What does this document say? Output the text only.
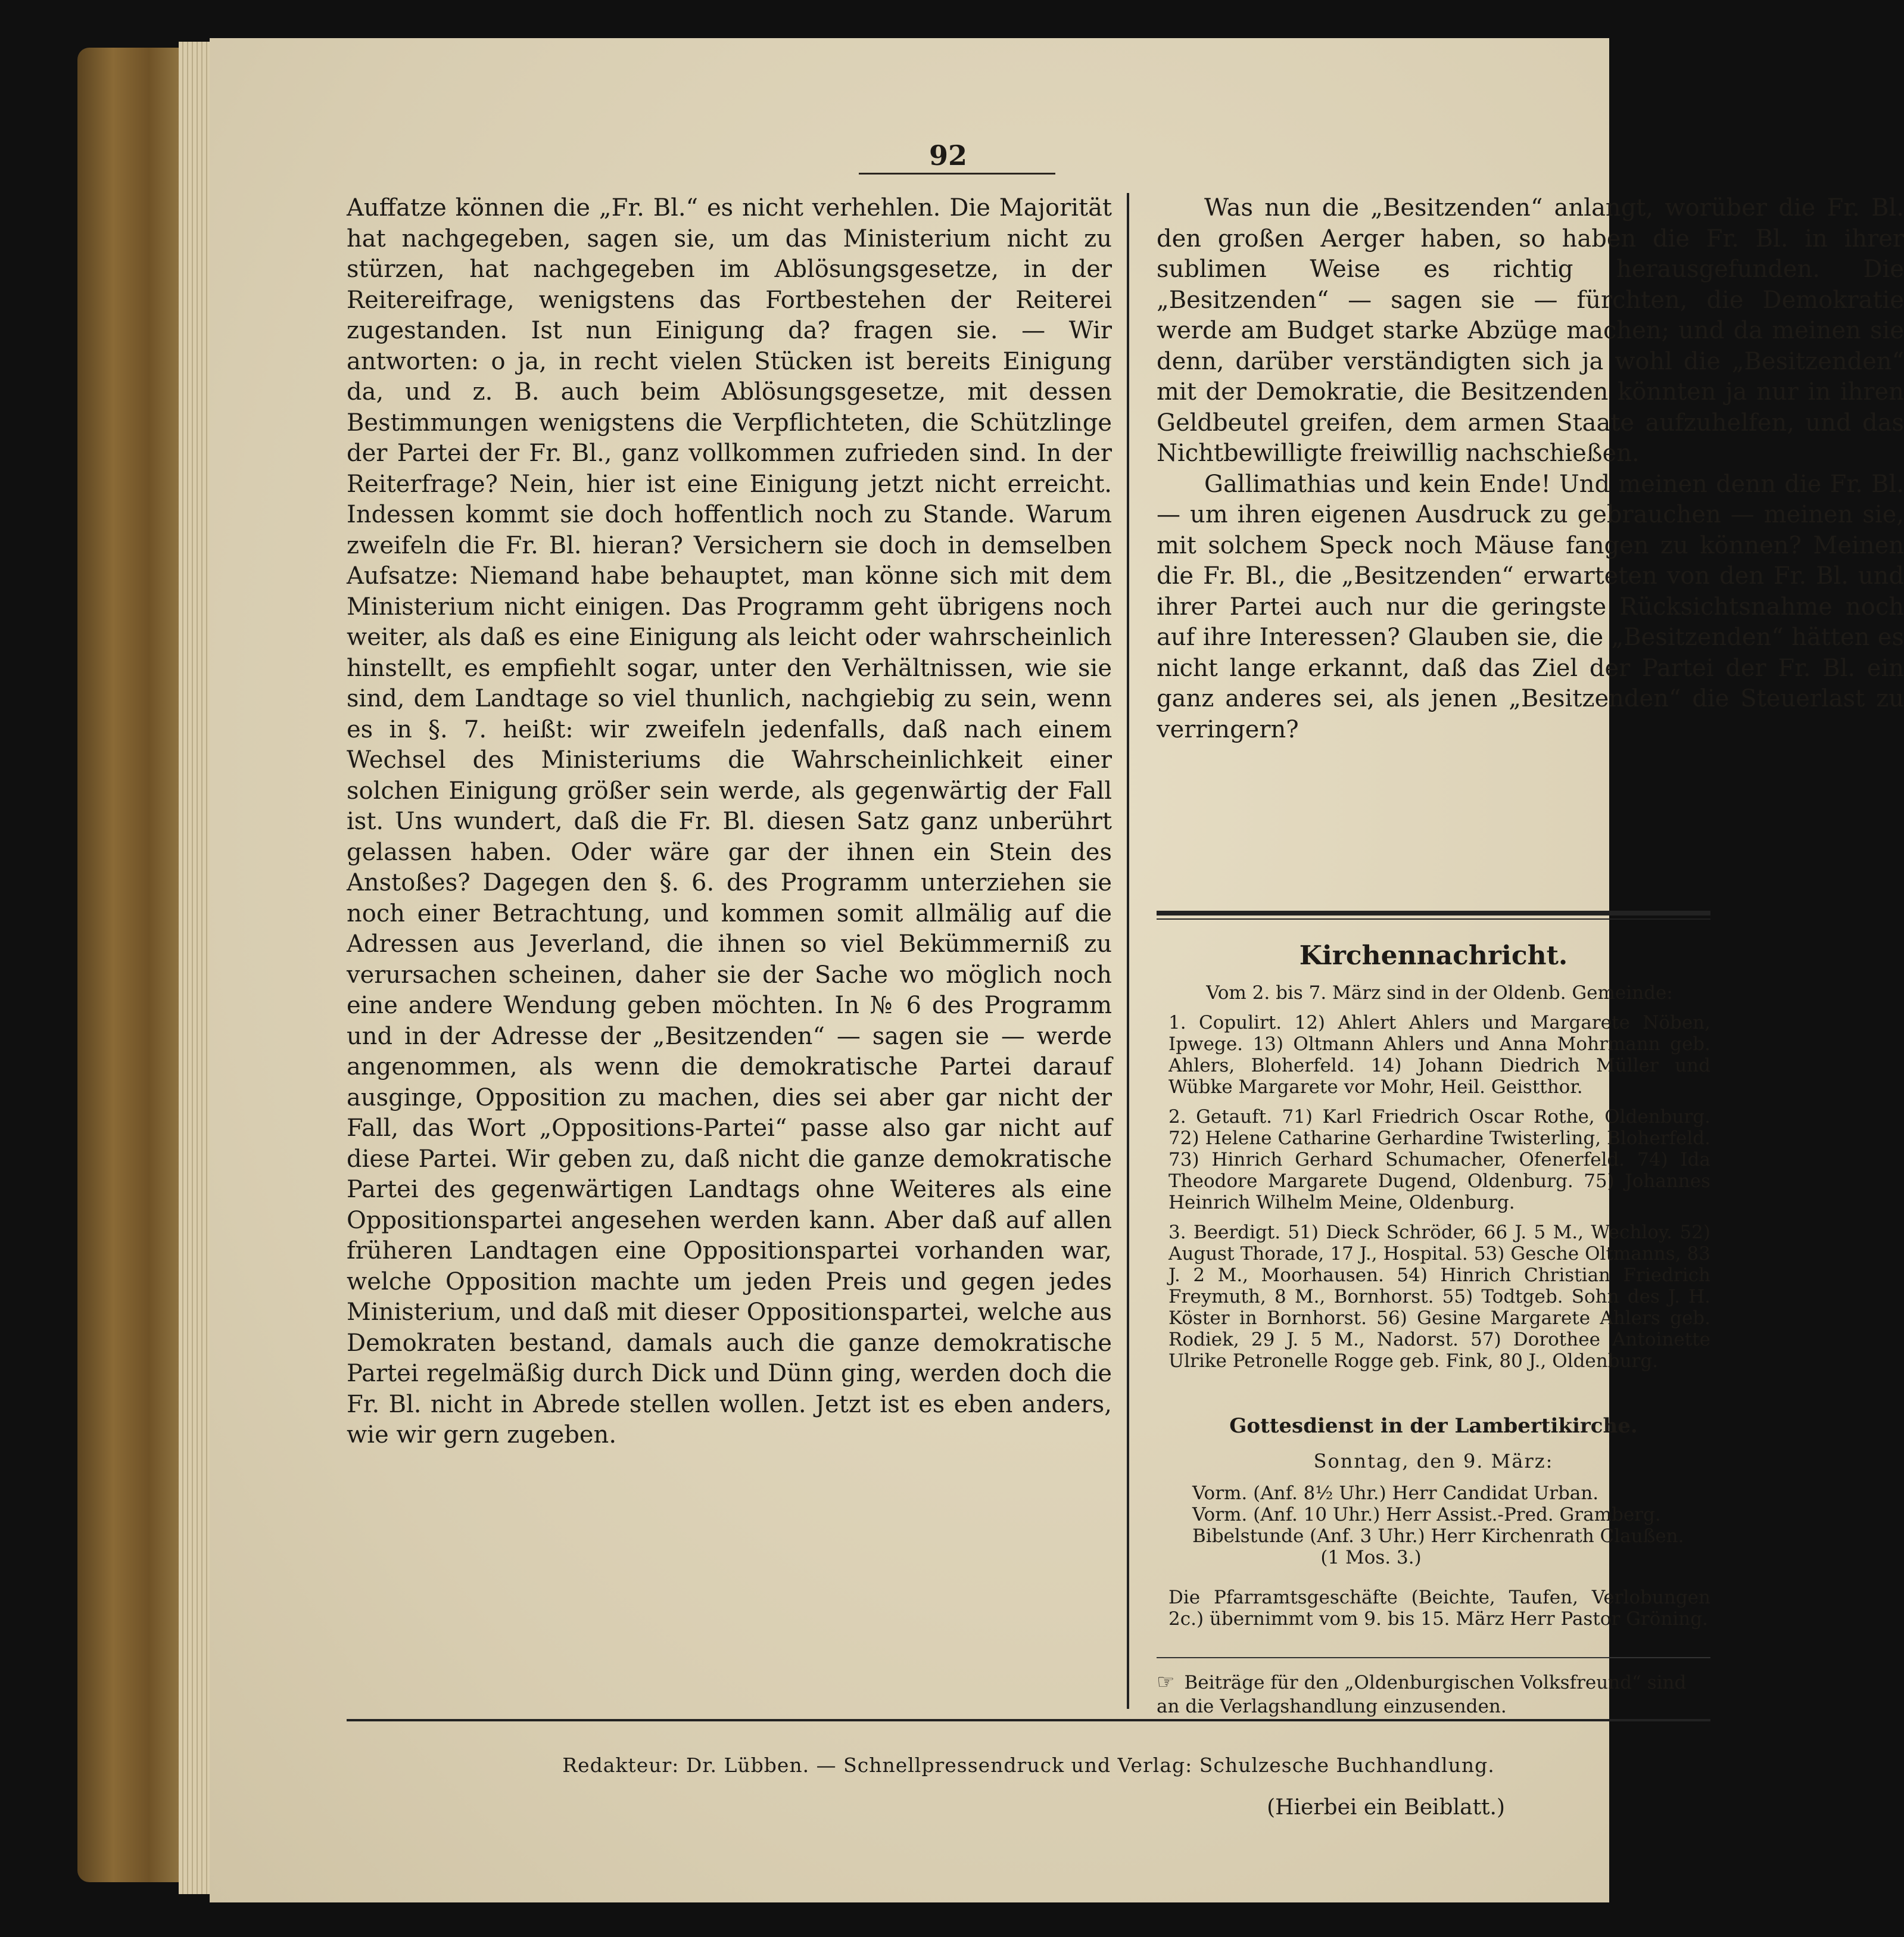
92

Auffatze können die „Fr. Bl.“ es nicht verhehlen. Die Majorität hat nachgegeben, sagen sie, um das Ministerium nicht zu stürzen, hat nachgegeben im Ablösungsgesetze, in der Reitereifrage, wenigstens das Fortbestehen der Reiterei zugestanden. Ist nun Einigung da? fragen sie. — Wir antworten: o ja, in recht vielen Stücken ist bereits Einigung da, und z. B. auch beim Ablösungsgesetze, mit dessen Bestimmungen wenigstens die Verpflichteten, die Schützlinge der Partei der Fr. Bl., ganz vollkommen zufrieden sind. In der Reiterfrage? Nein, hier ist eine Einigung jetzt nicht erreicht. Indessen kommt sie doch hoffentlich noch zu Stande. Warum zweifeln die Fr. Bl. hieran? Versichern sie doch in demselben Aufsatze: Niemand habe behauptet, man könne sich mit dem Ministerium nicht einigen. Das Programm geht übrigens noch weiter, als daß es eine Einigung als leicht oder wahrscheinlich hinstellt, es empfiehlt sogar, unter den Verhältnissen, wie sie sind, dem Landtage so viel thunlich, nachgiebig zu sein, wenn es in §. 7. heißt: wir zweifeln jedenfalls, daß nach einem Wechsel des Ministeriums die Wahrscheinlichkeit einer solchen Einigung größer sein werde, als gegenwärtig der Fall ist. Uns wundert, daß die Fr. Bl. diesen Satz ganz unberührt gelassen haben. Oder wäre gar der ihnen ein Stein des Anstoßes? Dagegen den §. 6. des Programm unterziehen sie noch einer Betrachtung, und kommen somit allmälig auf die Adressen aus Jeverland, die ihnen so viel Bekümmerniß zu verursachen scheinen, daher sie der Sache wo möglich noch eine andere Wendung geben möchten. In № 6 des Programm und in der Adresse der „Besitzenden“ — sagen sie — werde angenommen, als wenn die demokratische Partei darauf ausginge, Opposition zu machen, dies sei aber gar nicht der Fall, das Wort „Oppositions-Partei“ passe also gar nicht auf diese Partei. Wir geben zu, daß nicht die ganze demokratische Partei des gegenwärtigen Landtags ohne Weiteres als eine Oppositionspartei angesehen werden kann. Aber daß auf allen früheren Landtagen eine Oppositionspartei vorhanden war, welche Opposition machte um jeden Preis und gegen jedes Ministerium, und daß mit dieser Oppositionspartei, welche aus Demokraten bestand, damals auch die ganze demokratische Partei regelmäßig durch Dick und Dünn ging, werden doch die Fr. Bl. nicht in Abrede stellen wollen. Jetzt ist es eben anders, wie wir gern zugeben.

Was nun die „Besitzenden“ anlangt, worüber die Fr. Bl. den großen Aerger haben, so haben die Fr. Bl. in ihrer sublimen Weise es richtig herausgefunden. Die „Besitzenden“ — sagen sie — fürchten, die Demokratie werde am Budget starke Abzüge machen; und da meinen sie denn, darüber verständigten sich ja wohl die „Besitzenden“ mit der Demokratie, die Besitzenden könnten ja nur in ihren Geldbeutel greifen, dem armen Staate aufzuhelfen, und das Nichtbewilligte freiwillig nachschießen.

Gallimathias und kein Ende! Und meinen denn die Fr. Bl. — um ihren eigenen Ausdruck zu gebrauchen — meinen sie, mit solchem Speck noch Mäuse fangen zu können? Meinen die Fr. Bl., die „Besitzenden“ erwarteten von den Fr. Bl. und ihrer Partei auch nur die geringste Rücksichtsnahme noch auf ihre Interessen? Glauben sie, die „Besitzenden“ hätten es nicht lange erkannt, daß das Ziel der Partei der Fr. Bl. ein ganz anderes sei, als jenen „Besitzenden“ die Steuerlast zu verringern?

Kirchennachricht.

Vom 2. bis 7. März sind in der Oldenb. Gemeinde:

1. Copulirt. 12) Ahlert Ahlers und Margarete Nöben, Ipwege. 13) Oltmann Ahlers und Anna Mohrmann geb. Ahlers, Bloherfeld. 14) Johann Diedrich Müller und Wübke Margarete vor Mohr, Heil. Geistthor.

2. Getauft. 71) Karl Friedrich Oscar Rothe, Oldenburg. 72) Helene Catharine Gerhardine Twisterling, Bloherfeld. 73) Hinrich Gerhard Schumacher, Ofenerfeld. 74) Ida Theodore Margarete Dugend, Oldenburg. 75) Johannes Heinrich Wilhelm Meine, Oldenburg.

3. Beerdigt. 51) Dieck Schröder, 66 J. 5 M., Wechloy. 52) August Thorade, 17 J., Hospital. 53) Gesche Oltmanns, 83 J. 2 M., Moorhausen. 54) Hinrich Christian Friedrich Freymuth, 8 M., Bornhorst. 55) Todtgeb. Sohn des J. H. Köster in Bornhorst. 56) Gesine Margarete Ahlers geb. Rodiek, 29 J. 5 M., Nadorst. 57) Dorothee Antoinette Ulrike Petronelle Rogge geb. Fink, 80 J., Oldenburg.

Gottesdienst in der Lambertikirche.
Sonntag, den 9. März:
Vorm. (Anf. 8½ Uhr.) Herr Candidat Urban.
Vorm. (Anf. 10 Uhr.) Herr Assist.-Pred. Gramberg.
Bibelstunde (Anf. 3 Uhr.) Herr Kirchenrath Claußen.
(1 Mos. 3.)

Die Pfarramtsgeschäfte (Beichte, Taufen, Verlobungen 2c.) übernimmt vom 9. bis 15. März Herr Pastor Gröning.

☞ Beiträge für den „Oldenburgischen Volksfreund“ sind an die Verlagshandlung einzusenden.
Redakteur: Dr. Lübben. — Schnellpressendruck und Verlag: Schulzesche Buchhandlung.
(Hierbei ein Beiblatt.)
